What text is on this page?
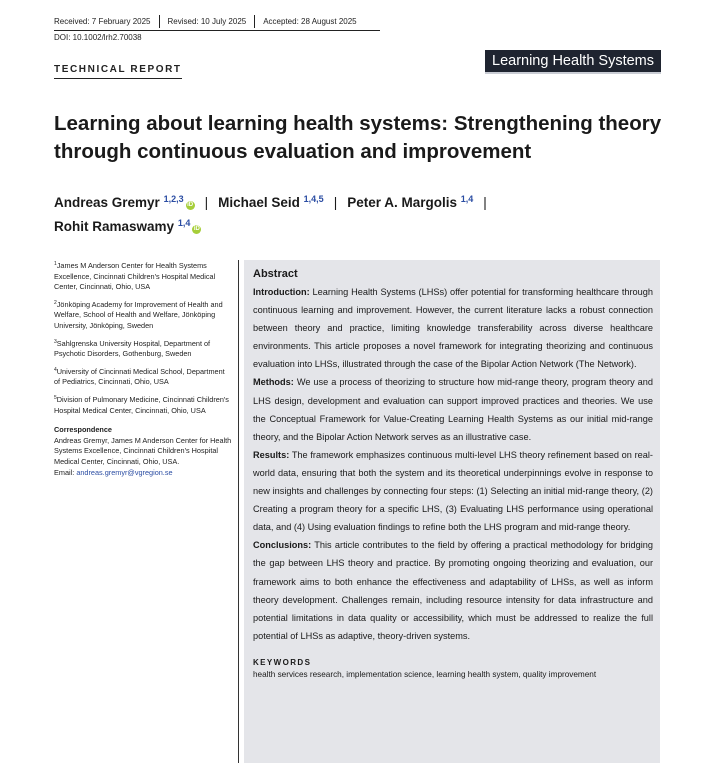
Received: 7 February 2025	Revised: 10 July 2025	Accepted: 28 August 2025
DOI: 10.1002/lrh2.70038
Learning Health Systems
TECHNICAL REPORT
Learning about learning health systems: Strengthening theory through continuous evaluation and improvement
Andreas Gremyr $^{1,2,3}$iD | Michael Seid $^{1,4,5}$ | Peter A. Margolis $^{1,4}$ |
Rohit Ramaswamy $^{1,4}$iD
$^1$James M Anderson Center for Health Systems Excellence, Cincinnati Children's Hospital Medical Center, Cincinnati, Ohio, USA
$^2$Jönköping Academy for Improvement of Health and Welfare, School of Health and Welfare, Jönköping University, Jönköping, Sweden
$^3$Sahlgrenska University Hospital, Department of Psychotic Disorders, Gothenburg, Sweden
$^4$University of Cincinnati Medical School, Department of Pediatrics, Cincinnati, Ohio, USA
$^5$Division of Pulmonary Medicine, Cincinnati Children's Hospital Medical Center, Cincinnati, Ohio, USA
Correspondence
Andreas Gremyr, James M Anderson Center for Health Systems Excellence, Cincinnati Children's Hospital Medical Center, Cincinnati, Ohio, USA.
Email: andreas.gremyr@vgregion.se
Abstract

Introduction: Learning Health Systems (LHSs) offer potential for transforming healthcare through continuous learning and improvement. However, the current literature lacks a robust connection between theory and practice, limiting knowledge transferability across diverse healthcare environments. This article proposes a novel framework for integrating theorizing and continuous evaluation into LHSs, illustrated through the case of the Bipolar Action Network (The Network).

Methods: We use a process of theorizing to structure how mid-range theory, program theory and LHS design, development and evaluation can support improved practices and theories. We use the Conceptual Framework for Value-Creating Learning Health Systems as our initial mid-range theory, and the Bipolar Action Network serves as an illustrative case.

Results: The framework emphasizes continuous multi-level LHS theory refinement based on real-world data, ensuring that both the system and its theoretical underpinnings evolve in response to new insights and challenges by connecting four steps: (1) Selecting an initial mid-range theory, (2) Creating a program theory for a specific LHS, (3) Evaluating LHS performance using operational data, and (4) Using evaluation findings to refine both the LHS program and mid-range theory.

Conclusions: This article contributes to the field by offering a practical methodology for bridging the gap between LHS theory and practice. By promoting ongoing theorizing and evaluation, our framework aims to both enhance the effectiveness and adaptability of LHSs, as well as inform theory development. Challenges remain, including resource intensity for data infrastructure and potential limitations in data quality or accessibility, which must be addressed to realize the full potential of LHSs as adaptive, theory-driven systems.

KEYWORDS
health services research, implementation science, learning health system, quality improvement
